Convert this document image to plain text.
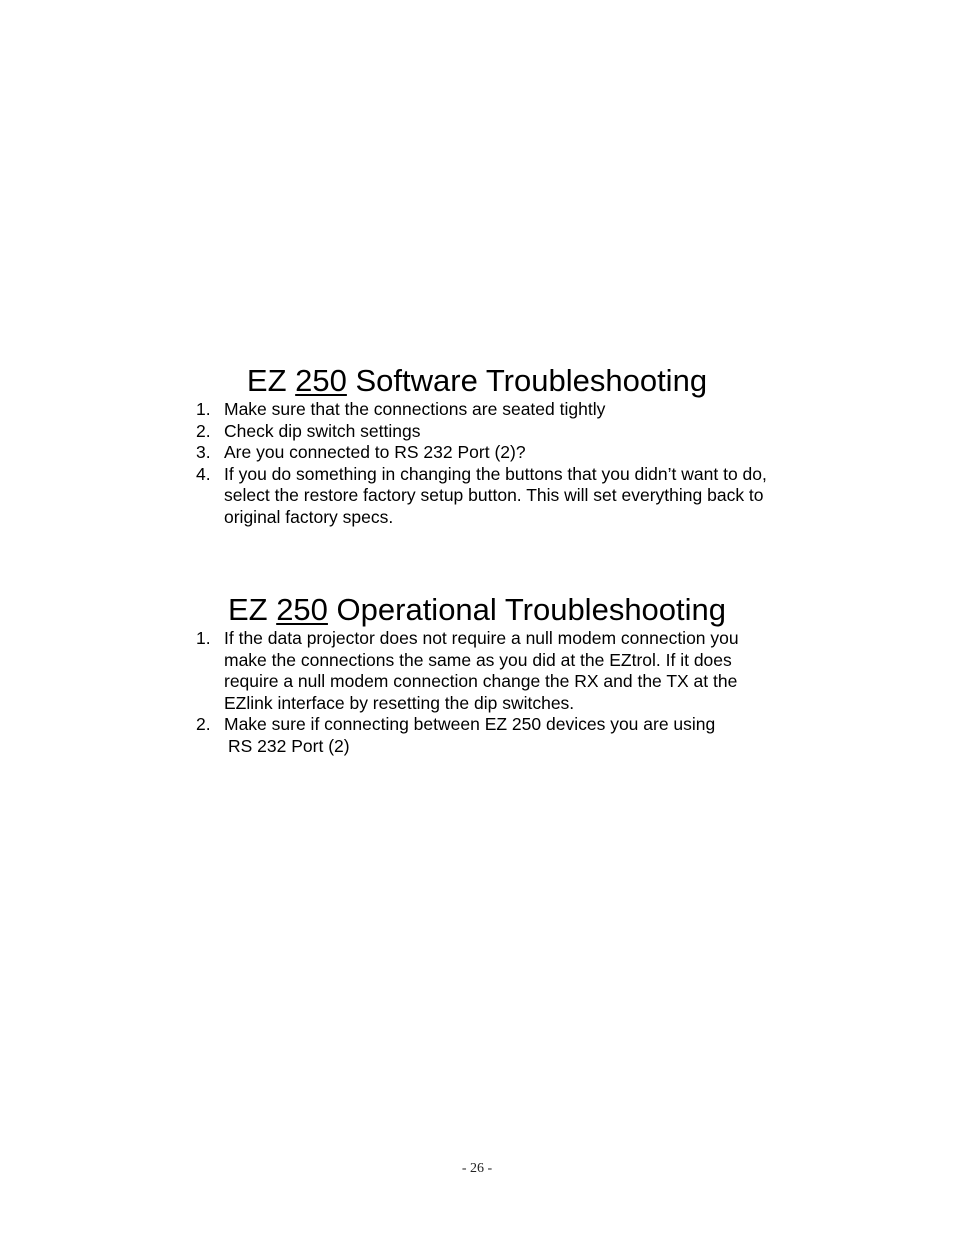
EZ 250 Software Troubleshooting
1. Make sure that the connections are seated tightly
2. Check dip switch settings
3. Are you connected to RS 232 Port (2)?
4. If you do something in changing the buttons that you didn’t want to do,
select the restore factory setup button. This will set everything back to
original factory specs.
EZ 250 Operational Troubleshooting
1. If the data projector does not require a null modem connection you
make the connections the same as you did at the EZtrol. If it does
require a null modem connection change the RX and the TX at the
EZlink interface by resetting the dip switches.
2. Make sure if connecting between EZ 250 devices you are using
RS 232 Port (2)
- 26 -
